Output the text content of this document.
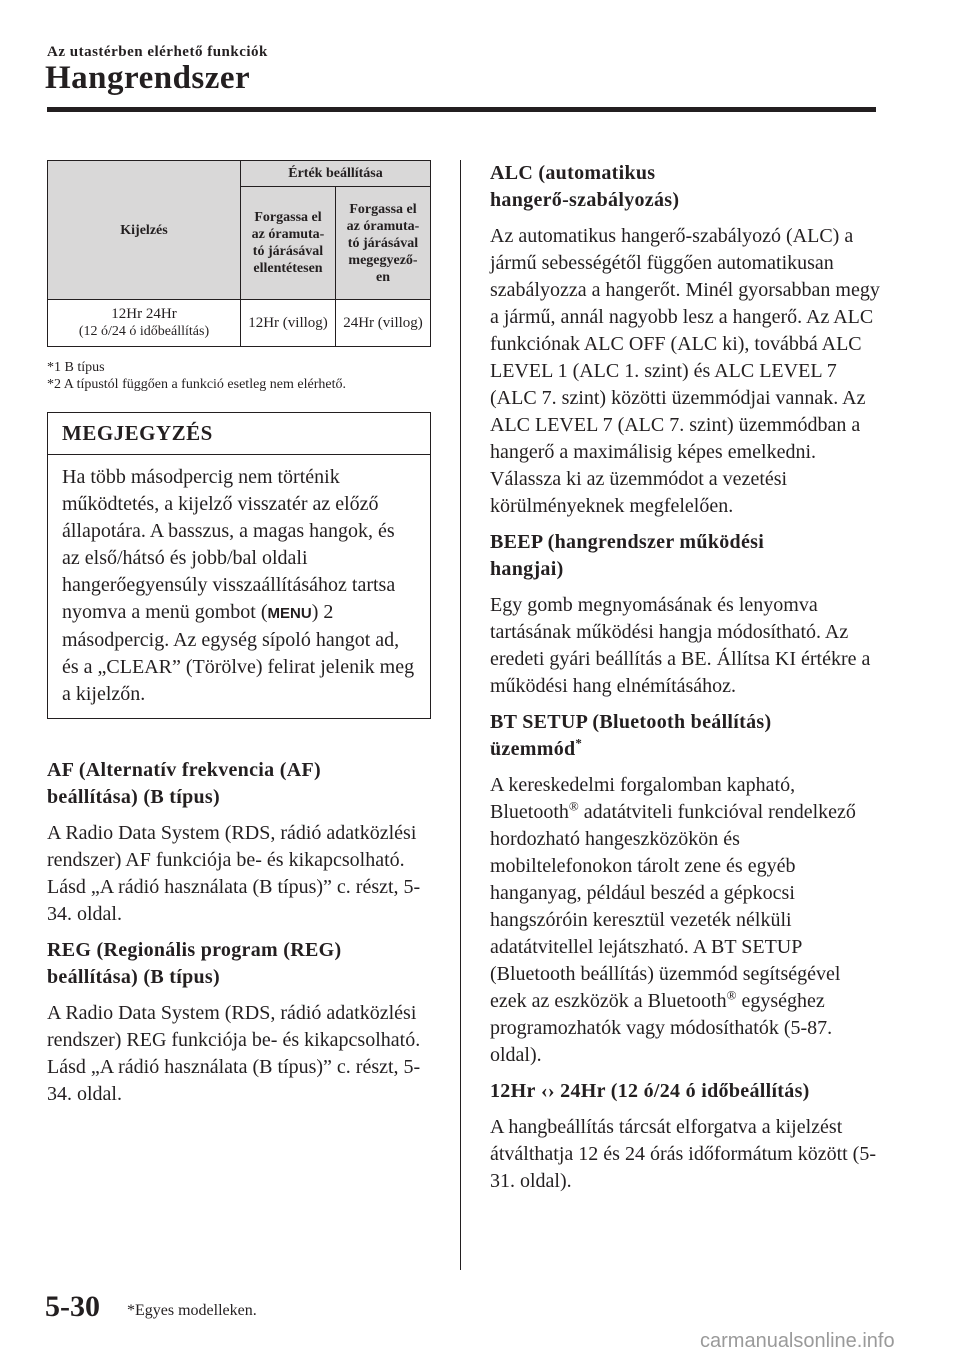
Az utastérben elérhető funkciók
Hangrendszer
Kijelzés	Érték beállítása	
	Forgassa el
az óramuta-
tó járásával
ellentétesen	Forgassa el
az óramuta-
tó járásával
megegyező-
en
12Hr 24Hr
(12 ó/24 ó időbeállítás)	12Hr (villog)	24Hr (villog)
*1 B típus
*2 A típustól függően a funkció esetleg nem elérhető.
MEGJEGYZÉS
Ha több másodpercig nem történik működtetés, a kijelző visszatér az előző állapotára. A basszus, a magas hangok, és az első/hátsó és jobb/bal oldali hangerőegyensúly visszaállításához tartsa nyomva a menü gombot (MENU) 2 másodpercig. Az egység sípoló hangot ad, és a „CLEAR” (Törölve) felirat jelenik meg a kijelzőn.
AF (Alternatív frekvencia (AF)
beállítása) (B típus)

A Radio Data System (RDS, rádió adatközlési rendszer) AF funkciója be- és kikapcsolható.

Lásd „A rádió használata (B típus)” c. részt, 5-34. oldal.

REG (Regionális program (REG)
beállítása) (B típus)

A Radio Data System (RDS, rádió adatközlési rendszer) REG funkciója be- és kikapcsolható.

Lásd „A rádió használata (B típus)” c. részt, 5-34. oldal.

ALC (automatikus
hangerő-szabályozás)

Az automatikus hangerő-szabályozó (ALC) a jármű sebességétől függően automatikusan szabályozza a hangerőt. Minél gyorsabban megy a jármű, annál nagyobb lesz a hangerő. Az ALC funkciónak ALC OFF (ALC ki), továbbá ALC LEVEL 1 (ALC 1. szint) és ALC LEVEL 7 (ALC 7. szint) közötti üzemmódjai vannak. Az ALC LEVEL 7 (ALC 7. szint) üzemmódban a hangerő a maximálisig képes emelkedni. Válassza ki az üzemmódot a vezetési körülményeknek megfelelően.

BEEP (hangrendszer működési
hangjai)

Egy gomb megnyomásának és lenyomva tartásának működési hangja módosítható. Az eredeti gyári beállítás a BE. Állítsa KI értékre a működési hang elnémításához.

BT SETUP (Bluetooth beállítás)
üzemmód*

A kereskedelmi forgalomban kapható, Bluetooth® adatátviteli funkcióval rendelkező hordozható hangeszközökön és mobiltelefonokon tárolt zene és egyéb hanganyag, például beszéd a gépkocsi hangszóróin keresztül vezeték nélküli adatátvitellel lejátszható. A BT SETUP (Bluetooth beállítás) üzemmód segítségével ezek az eszközök a Bluetooth® egységhez programozhatók vagy módosíthatók (5-87. oldal).

12Hr ‹› 24Hr (12 ó/24 ó időbeállítás)

A hangbeállítás tárcsát elforgatva a kijelzést átválthatja 12 és 24 órás időformátum között (5-31. oldal).

5-30 *Egyes modelleken.
carmanualsonline.info
